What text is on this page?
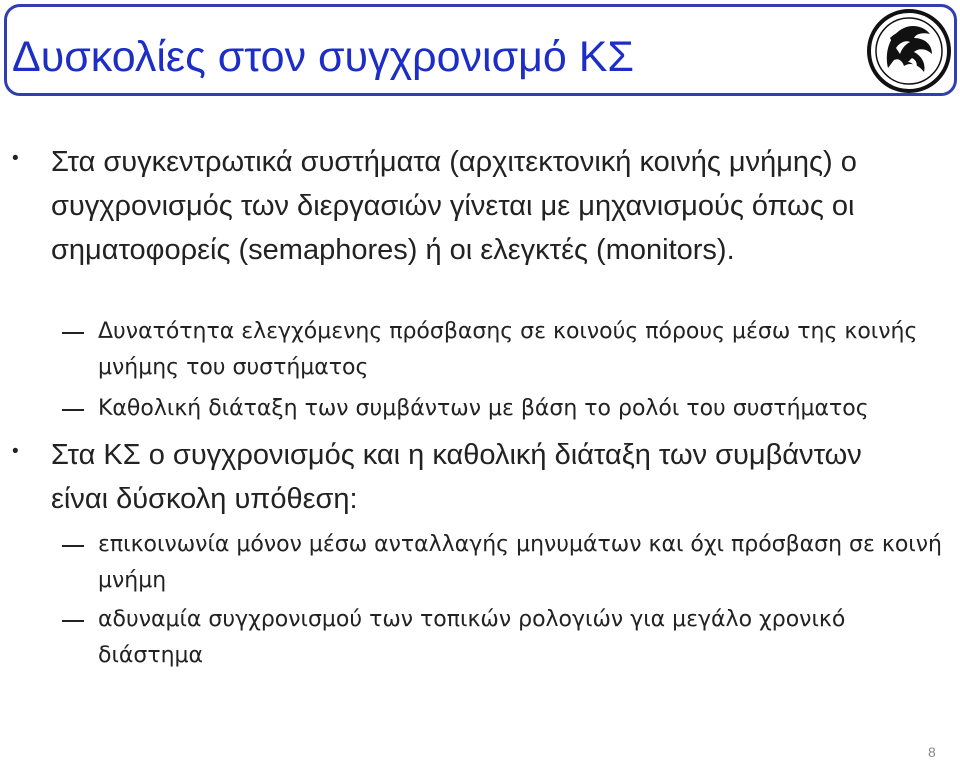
Δυσκολίες στον συγχρονισμό ΚΣ
• Στα συγκεντρωτικά συστήματα (αρχιτεκτονική κοινής μνήμης) ο συγχρονισμός των διεργασιών γίνεται με μηχανισμούς όπως οι σηματοφορείς (semaphores) ή οι ελεγκτές (monitors).
Δυνατότητα ελεγχόμενης πρόσβασης σε κοινούς πόρους μέσω της κοινής μνήμης του συστήματος
Καθολική διάταξη των συμβάντων με βάση το ρολόι του συστήματος
• Στα ΚΣ ο συγχρονισμός και η καθολική διάταξη των συμβάντων είναι δύσκολη υπόθεση:
επικοινωνία μόνον μέσω ανταλλαγής μηνυμάτων και όχι πρόσβαση σε κοινή μνήμη
αδυναμία συγχρονισμού των τοπικών ρολογιών για μεγάλο χρονικό διάστημα
8
